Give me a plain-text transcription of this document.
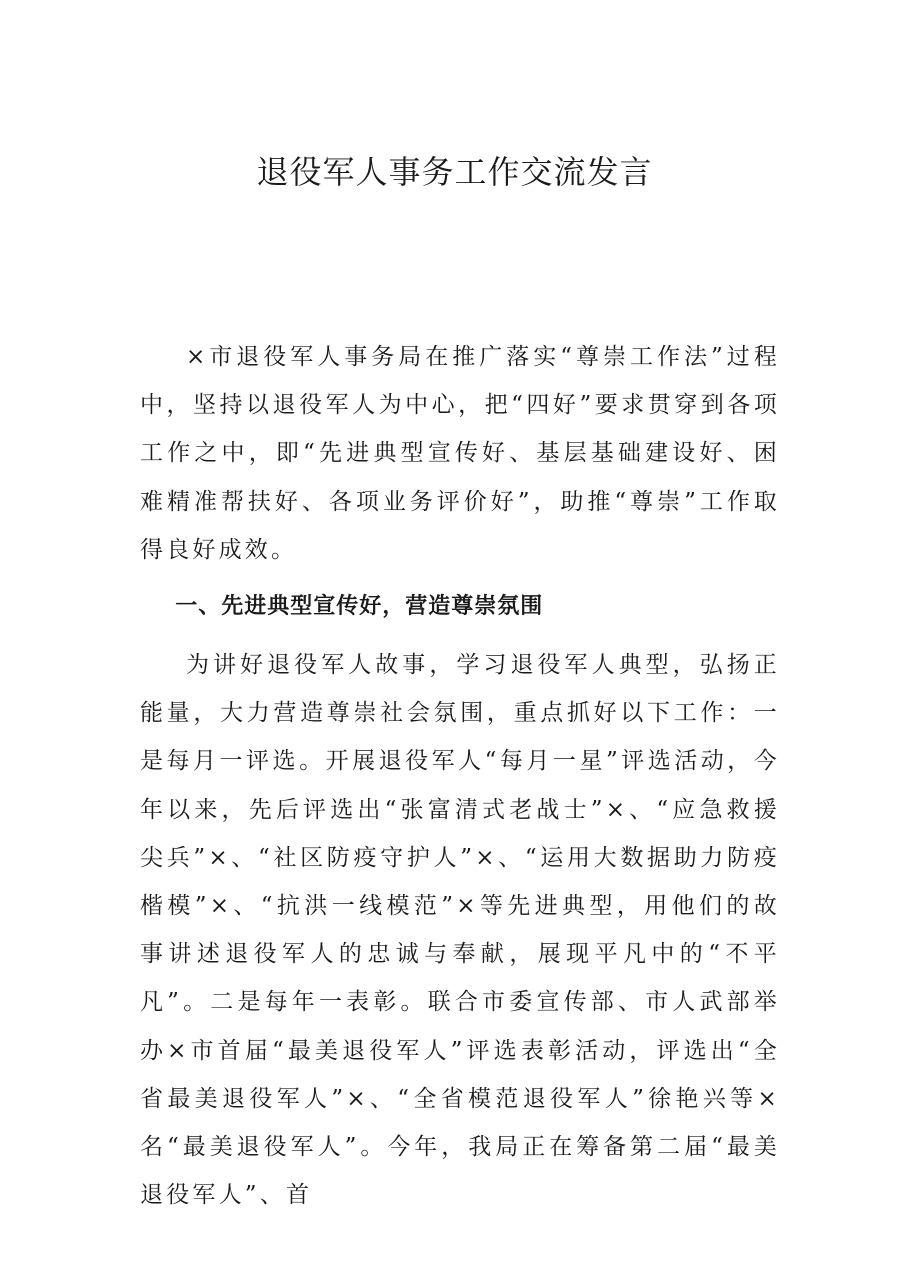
退役军人事务工作交流发言

×市退役军人事务局在推广落实“尊崇工作法”过程中，坚持以退役军人为中心，把“四好”要求贯穿到各项工作之中，即“先进典型宣传好、基层基础建设好、困难精准帮扶好、各项业务评价好”，助推“尊崇”工作取得良好成效。

一、先进典型宣传好，营造尊崇氛围

为讲好退役军人故事，学习退役军人典型，弘扬正能量，大力营造尊崇社会氛围，重点抓好以下工作：一是每月一评选。开展退役军人“每月一星”评选活动，今年以来，先后评选出“张富清式老战士”×、“应急救援尖兵”×、“社区防疫守护人”×、“运用大数据助力防疫楷模”×、“抗洪一线模范”×等先进典型，用他们的故事讲述退役军人的忠诚与奉献，展现平凡中的“不平凡”。二是每年一表彰。联合市委宣传部、市人武部举办×市首届“最美退役军人”评选表彰活动，评选出“全省最美退役军人”×、“全省模范退役军人”徐艳兴等×名“最美退役军人”。今年，我局正在筹备第二届“最美退役军人”、首
